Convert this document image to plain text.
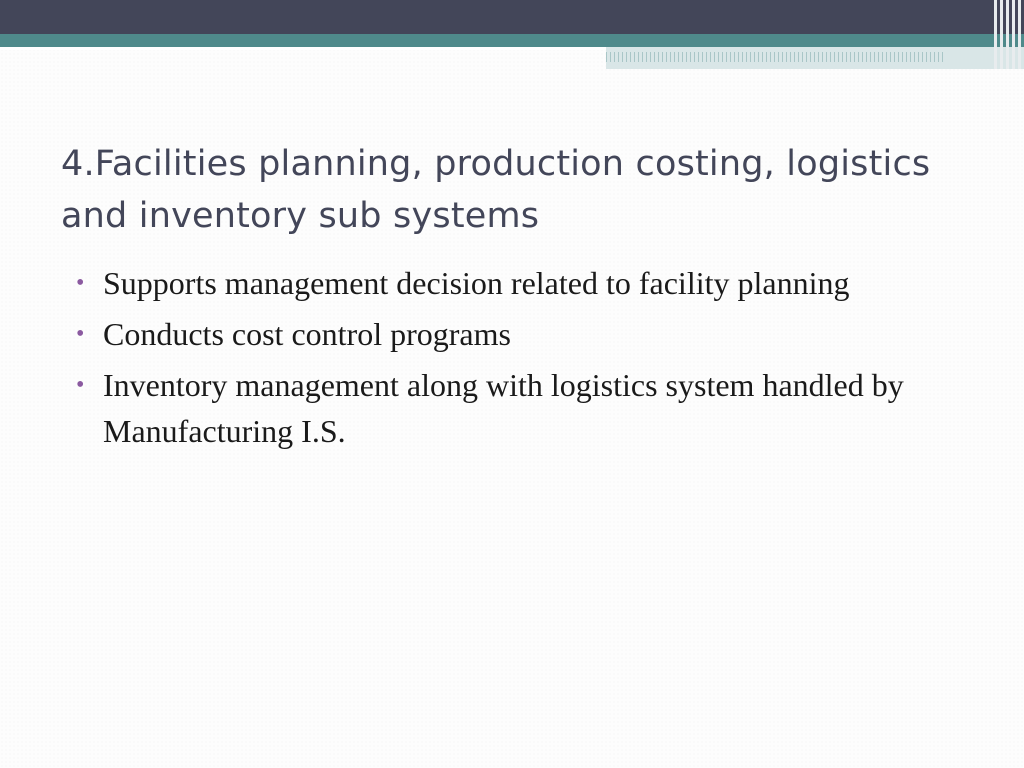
4.Facilities planning, production costing, logistics and inventory sub systems
• Supports management decision related to facility planning
• Conducts cost control programs
• Inventory management along with logistics system handled by Manufacturing I.S.
